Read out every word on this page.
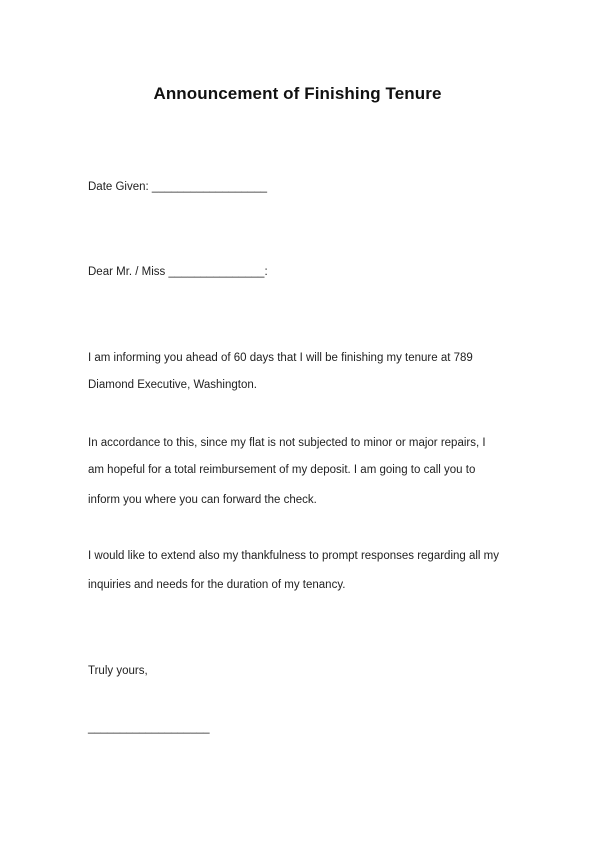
Announcement of Finishing Tenure
Date Given: __________________
Dear Mr. / Miss _______________:
I am informing you ahead of 60 days that I will be finishing my tenure at 789
Diamond Executive, Washington.
In accordance to this, since my flat is not subjected to minor or major repairs, I
am hopeful for a total reimbursement of my deposit. I am going to call you to
inform you where you can forward the check.
I would like to extend also my thankfulness to prompt responses regarding all my
inquiries and needs for the duration of my tenancy.
Truly yours,
___________________
